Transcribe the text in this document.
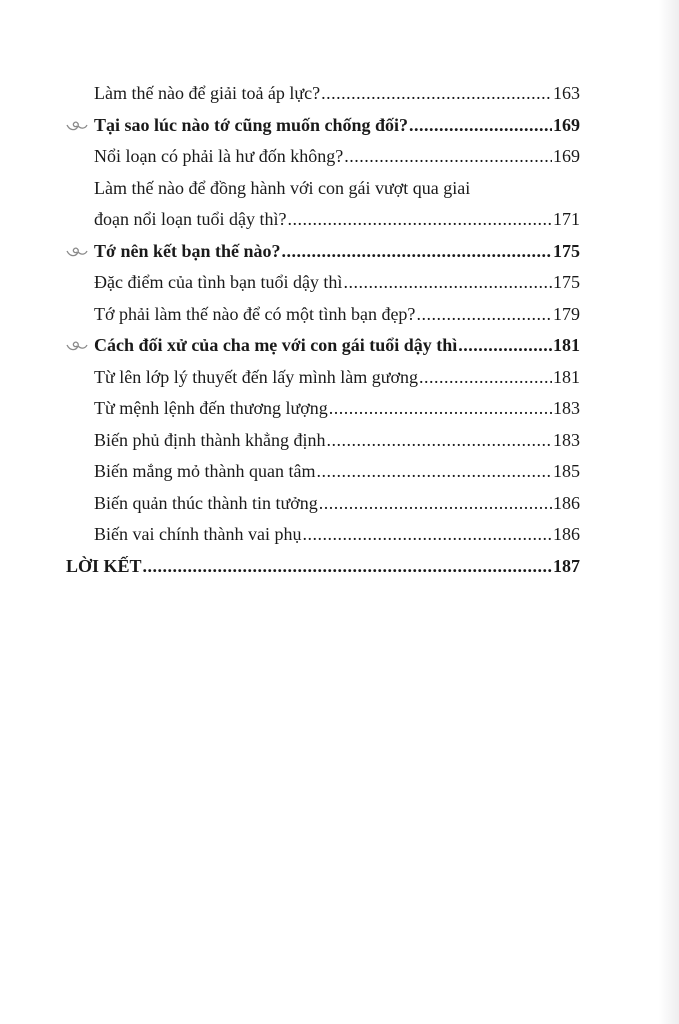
Làm thế nào để giải toả áp lực? .....	163
Tại sao lúc nào tớ cũng muốn chống đối? .....	169
Nổi loạn có phải là hư đốn không? .....	169
Làm thế nào để đồng hành với con gái vượt qua giai
đoạn nổi loạn tuổi dậy thì? .....	171
Tớ nên kết bạn thế nào? .....	175
Đặc điểm của tình bạn tuổi dậy thì .....	175
Tớ phải làm thế nào để có một tình bạn đẹp? .....	179
Cách đối xử của cha mẹ với con gái tuổi dậy thì .....	181
Từ lên lớp lý thuyết đến lấy mình làm gương .....	181
Từ mệnh lệnh đến thương lượng .....	183
Biến phủ định thành khẳng định .....	183
Biến mắng mỏ thành quan tâm .....	185
Biến quản thúc thành tin tưởng .....	186
Biến vai chính thành vai phụ .....	186
LỜI KẾT .....	187
